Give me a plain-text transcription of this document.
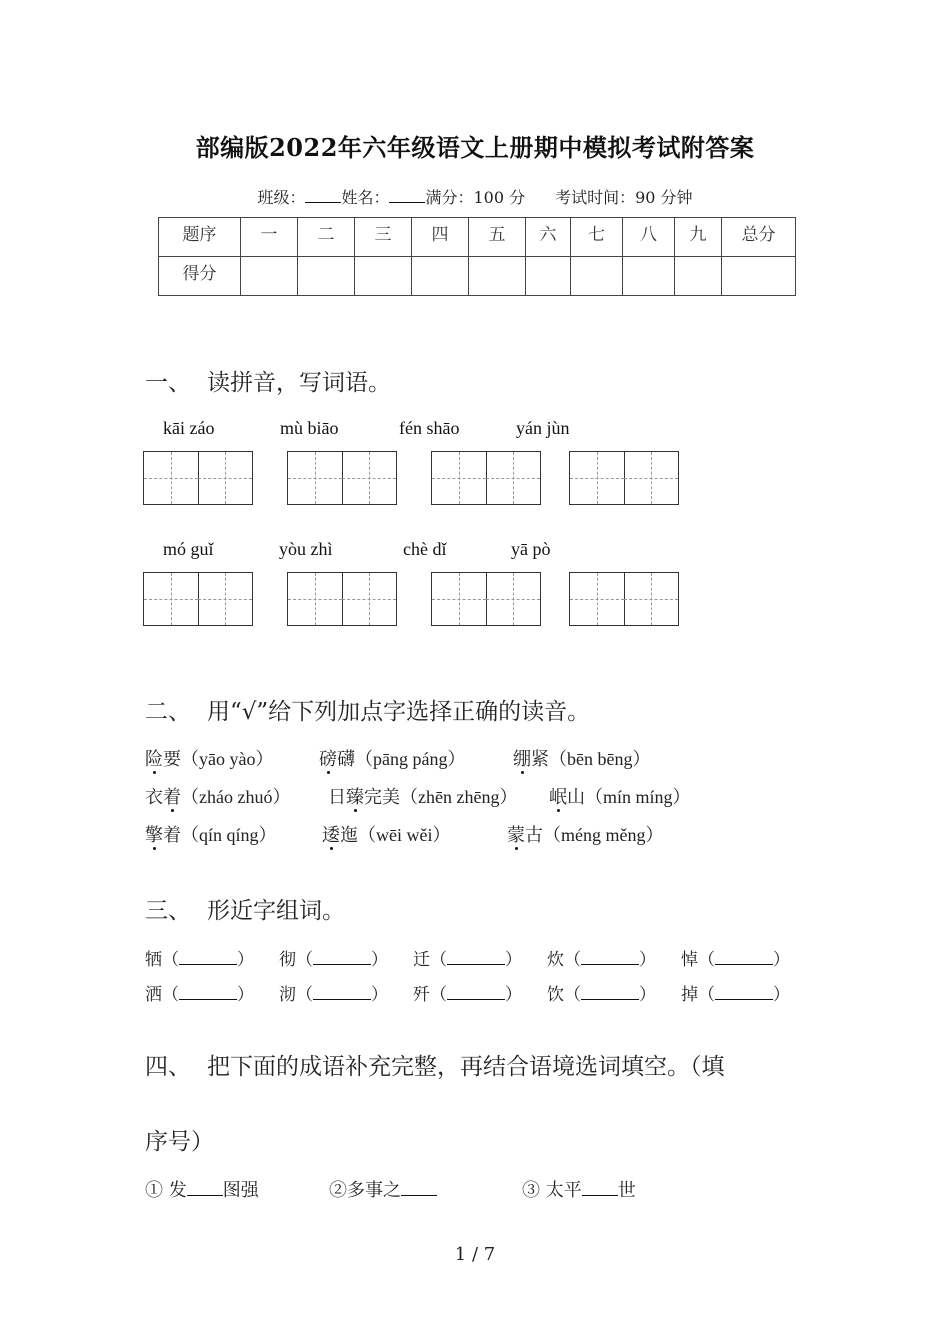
部编版2022年六年级语文上册期中模拟考试附答案
班级： 姓名： 满分：100 分 考试时间：90 分钟
题序	一	二	三	四	五	六	七	八	九	总分
得分										
一、 读拼音，写词语。
kāi záo	mù biāo	fén shāo	yán jùn
mó guǐ	yòu zhì	chè dǐ	yā pò
二、 用“√”给下列加点字选择正确的读音。
险要（yāo yào）	磅礴（pāng páng）	绷紧（bēn bēng）
衣着（zháo zhuó） 日臻完美（zhēn zhēng） 岷山（mín míng）
擎着（qín qíng）	逶迤（wēi wěi）	蒙古（méng měng）
三、 形近字组词。
牺（	） 彻（	） 迁（	） 炊（	） 悼（	）
洒（	） 沏（	） 歼（	） 饮（	） 掉（	）
四、 把下面的成语补充完整，再结合语境选词填空。（填
序号）
① 发 图强	②多事之	③ 太平 世
1 / 7
